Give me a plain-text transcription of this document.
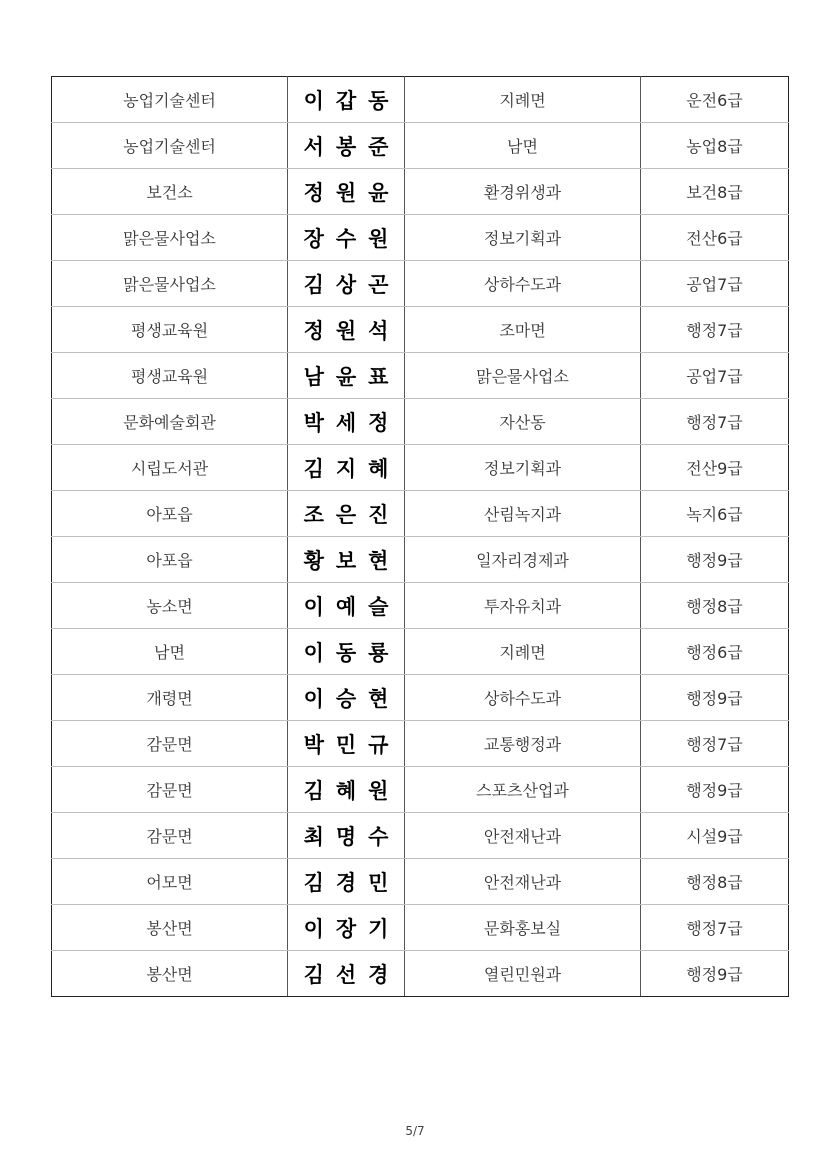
농업기술센터	이갑동	지례면	운전6급
농업기술센터	서봉준	남면	농업8급
보건소	정원윤	환경위생과	보건8급
맑은물사업소	장수원	정보기획과	전산6급
맑은물사업소	김상곤	상하수도과	공업7급
평생교육원	정원석	조마면	행정7급
평생교육원	남윤표	맑은물사업소	공업7급
문화예술회관	박세정	자산동	행정7급
시립도서관	김지혜	정보기획과	전산9급
아포읍	조은진	산림녹지과	녹지6급
아포읍	황보현	일자리경제과	행정9급
농소면	이예슬	투자유치과	행정8급
남면	이동룡	지례면	행정6급
개령면	이승현	상하수도과	행정9급
감문면	박민규	교통행정과	행정7급
감문면	김혜원	스포츠산업과	행정9급
감문면	최명수	안전재난과	시설9급
어모면	김경민	안전재난과	행정8급
봉산면	이장기	문화홍보실	행정7급
봉산면	김선경	열린민원과	행정9급
5/7
